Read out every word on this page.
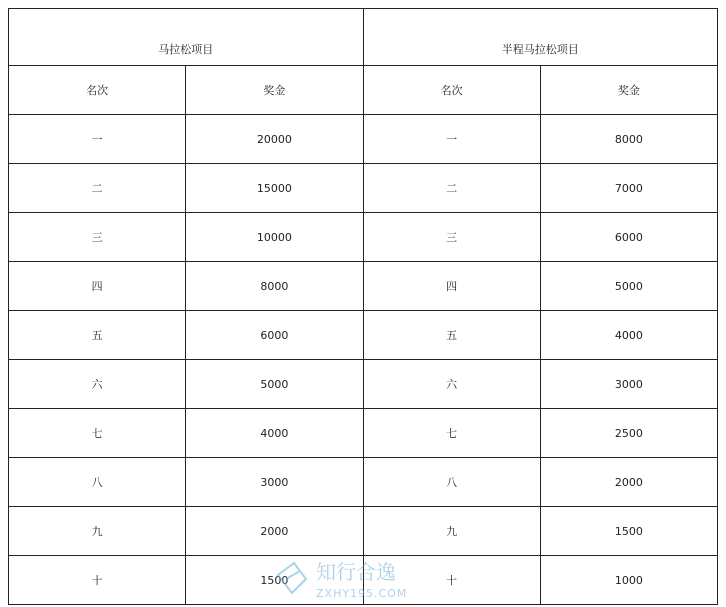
马拉松项目		半程马拉松项目	
名次	奖金	名次	奖金
一	20000	一	8000
二	15000	二	7000
三	10000	三	6000
四	8000	四	5000
五	6000	五	4000
六	5000	六	3000
七	4000	七	2500
八	3000	八	2000
九	2000	九	1500
十	1500	十	1000
知行合逸
ZXHY195.COM
